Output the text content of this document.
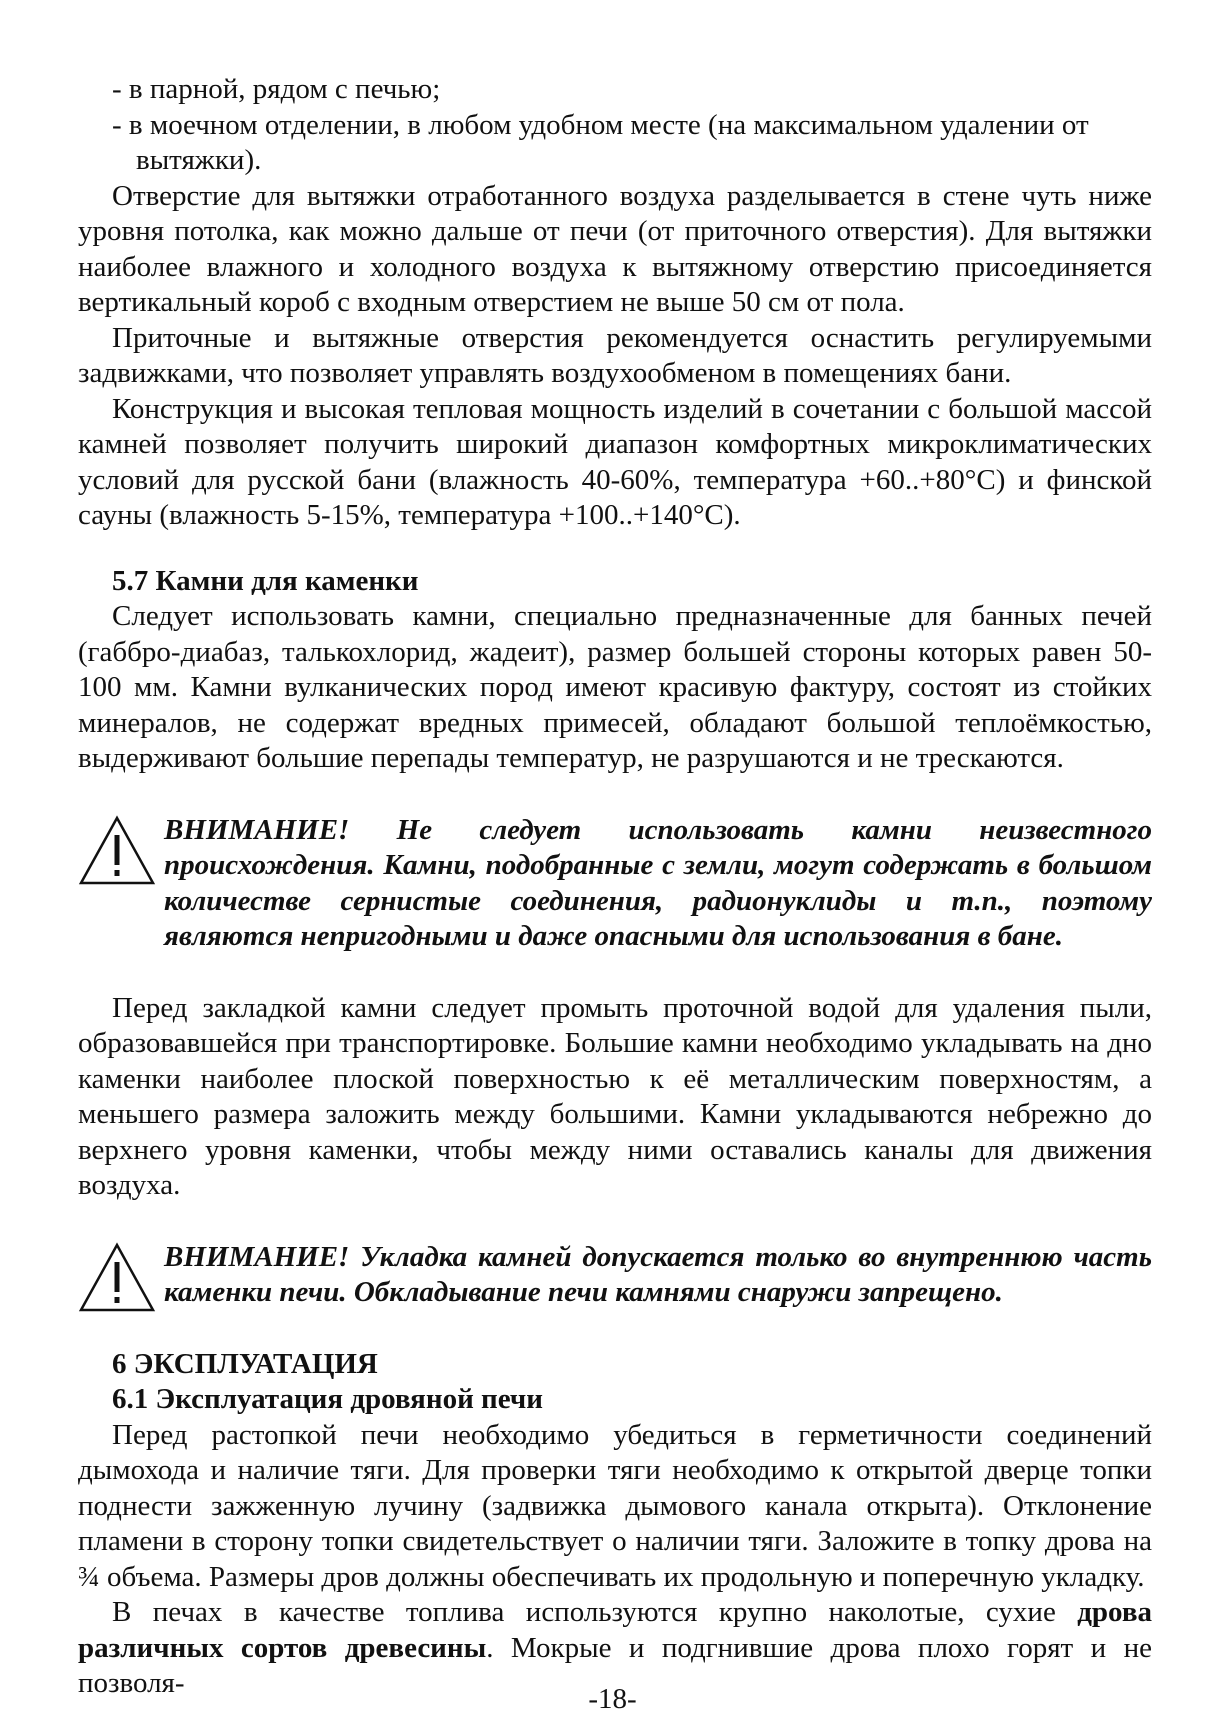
- в парной, рядом с печью;

- в моечном отделении, в любом удобном месте (на максимальном удалении от
вытяжки).

Отверстие для вытяжки отработанного воздуха разделывается в стене чуть ниже уровня потолка, как можно дальше от печи (от приточного отверстия). Для вытяжки наиболее влажного и холодного воздуха к вытяжному отверстию присоединяется вертикальный короб с входным отверстием не выше 50 см от пола.

Приточные и вытяжные отверстия рекомендуется оснастить регулируемыми задвижками, что позволяет управлять воздухообменом в помещениях бани.

Конструкция и высокая тепловая мощность изделий в сочетании с большой массой камней позволяет получить широкий диапазон комфортных микроклиматических условий для русской бани (влажность 40-60%, температура +60..+80°С) и финской сауны (влажность 5-15%, температура +100..+140°С).

5.7 Камни для каменки

Следует использовать камни, специально предназначенные для банных печей (габбро-диабаз, талькохлорид, жадеит), размер большей стороны которых равен 50-100 мм. Камни вулканических пород имеют красивую фактуру, состоят из стойких минералов, не содержат вредных примесей, обладают большой теплоёмкостью, выдерживают большие перепады температур, не разрушаются и не трескаются.

ВНИМАНИЕ! Не следует использовать камни неизвестного происхождения. Камни, подобранные с земли, могут содержать в большом количестве сернистые соединения, радионуклиды и т.п., поэтому являются непригодными и даже опасными для использования в бане.

Перед закладкой камни следует промыть проточной водой для удаления пыли, образовавшейся при транспортировке. Большие камни необходимо укладывать на дно каменки наиболее плоской поверхностью к её металлическим поверхностям, а меньшего размера заложить между большими. Камни укладываются небрежно до верхнего уровня каменки, чтобы между ними оставались каналы для движения воздуха.

ВНИМАНИЕ! Укладка камней допускается только во внутреннюю часть каменки печи. Обкладывание печи камнями снаружи запрещено.

6 ЭКСПЛУАТАЦИЯ

6.1 Эксплуатация дровяной печи

Перед растопкой печи необходимо убедиться в герметичности соединений дымохода и наличие тяги. Для проверки тяги необходимо к открытой дверце топки поднести зажженную лучину (задвижка дымового канала открыта). Отклонение пламени в сторону топки свидетельствует о наличии тяги. Заложите в топку дрова на ¾ объема. Размеры дров должны обеспечивать их продольную и поперечную укладку.

В печах в качестве топлива используются крупно наколотые, сухие дрова различных сортов древесины. Мокрые и подгнившие дрова плохо горят и не позволя-	-18-
